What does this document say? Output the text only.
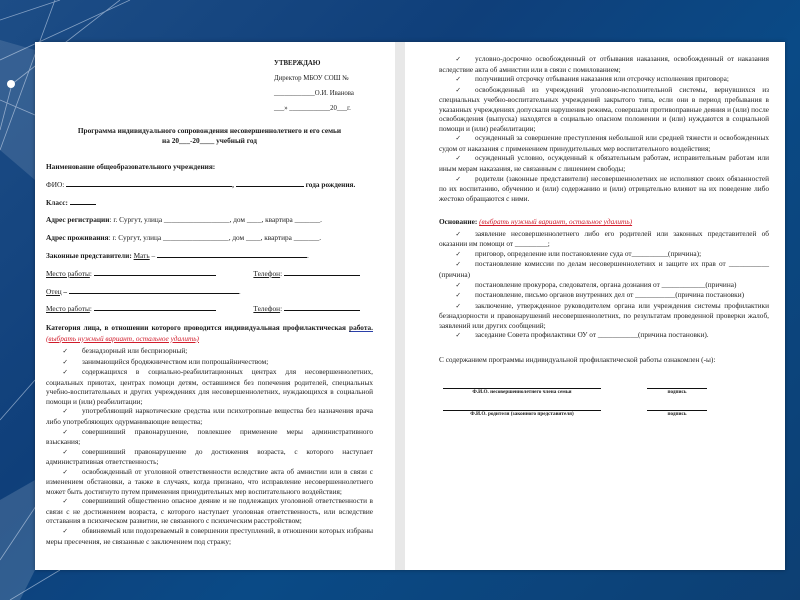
УТВЕРЖДАЮ
Директор МБОУ СОШ №
____________О.И. Иванова
___» ____________20___г.
Программа индивидуального сопровождения несовершеннолетнего и его семьи
на 20___-20____ учебный год
Наименование общеобразовательного учреждения:
ФИО:	,	года рождения.
Класс:
Адрес регистрации: г. Сургут, улица __________________, дом ____, квартира _______.
Адрес проживания: г. Сургут, улица __________________, дом ____, квартира _______.
Законные представители: Мать –	.
Место работы:	Телефон:
Отец –	.
Место работы:	Телефон:
Категория лица, в отношении которого проводится индивидуальная профилактическая работа. (выбрать нужный вариант, остальное удалить)
✓ безнадзорный или беспризорный;
✓ занимающийся бродяжничеством или попрошайничеством;
✓ содержащихся в социально-реабилитационных центрах для несовершеннолетних, социальных приютах, центрах помощи детям, оставшимся без попечения родителей, специальных учебно-воспитательных и других учреждениях для несовершеннолетних, нуждающихся в социальной помощи и (или) реабилитации;
✓ употребляющий наркотические средства или психотропные вещества без назначения врача либо употребляющих одурманивающие вещества;
✓ совершивший правонарушение, повлекшее применение меры административного взыскания;
✓ совершивший правонарушение до достижения возраста, с которого наступает административная ответственность;
✓ освобожденный от уголовной ответственности вследствие акта об амнистии или в связи с изменением обстановки, а также в случаях, когда признано, что исправление несовершеннолетнего может быть достигнуто путем применения принудительных мер воспитательного воздействия;
✓ совершивший общественно опасное деяние и не подлежащих уголовной ответственности в связи с не достижением возраста, с которого наступает уголовная ответственность, или вследствие отставания в психическом развитии, не связанного с психическим расстройством;
✓ обвиняемый или подозреваемый в совершении преступлений, в отношении которых избраны меры пресечения, не связанные с заключением под стражу;
✓ условно-досрочно освобожденный от отбывания наказания, освобожденный от наказания вследствие акта об амнистии или в связи с помилованием;
✓ получивший отсрочку отбывания наказания или отсрочку исполнения приговора;
✓ освобожденный из учреждений уголовно-исполнительной системы, вернувшихся из специальных учебно-воспитательных учреждений закрытого типа, если они в период пребывания в указанных учреждениях допускали нарушения режима, совершали противоправные деяния и (или) после освобождения (выпуска) находятся в социально опасном положении и (или) нуждаются в социальной помощи и (или) реабилитации;
✓ осужденный за совершение преступления небольшой или средней тяжести и освобожденных судом от наказания с применением принудительных мер воспитательного воздействия;
✓ осужденный условно, осужденный к обязательным работам, исправительным работам или иным мерам наказания, не связанным с лишением свободы;
✓ родители (законные представители) несовершеннолетних не исполняют своих обязанностей по их воспитанию, обучению и (или) содержанию и (или) отрицательно влияют на их поведение либо жестоко обращаются с ними.
Основание: (выбрать нужный вариант, остальное удалить)
✓ заявление несовершеннолетнего либо его родителей или законных представителей об оказании им помощи от _________;
✓ приговор, определение или постановление суда от__________(причина);
✓ постановление комиссии по делам несовершеннолетних и защите их прав от ___________ (причина)
✓ постановление прокурора, следователя, органа дознания от ____________(причина)
✓ постановление, письмо органов внутренних дел от ___________(причина постановки)
✓ заключение, утвержденное руководителем органа или учреждения системы профилактики безнадзорности и правонарушений несовершеннолетних, по результатам проведенной проверки жалоб, заявлений или других сообщений;
✓ заседание Совета профилактики ОУ от ___________(причина постановки).
С содержанием программы индивидуальной профилактической работы ознакомлен (-ы):
Ф.И.О. несовершеннолетнего члена семьи	подпись
Ф.И.О. родителя (законного представителя)	подпись
